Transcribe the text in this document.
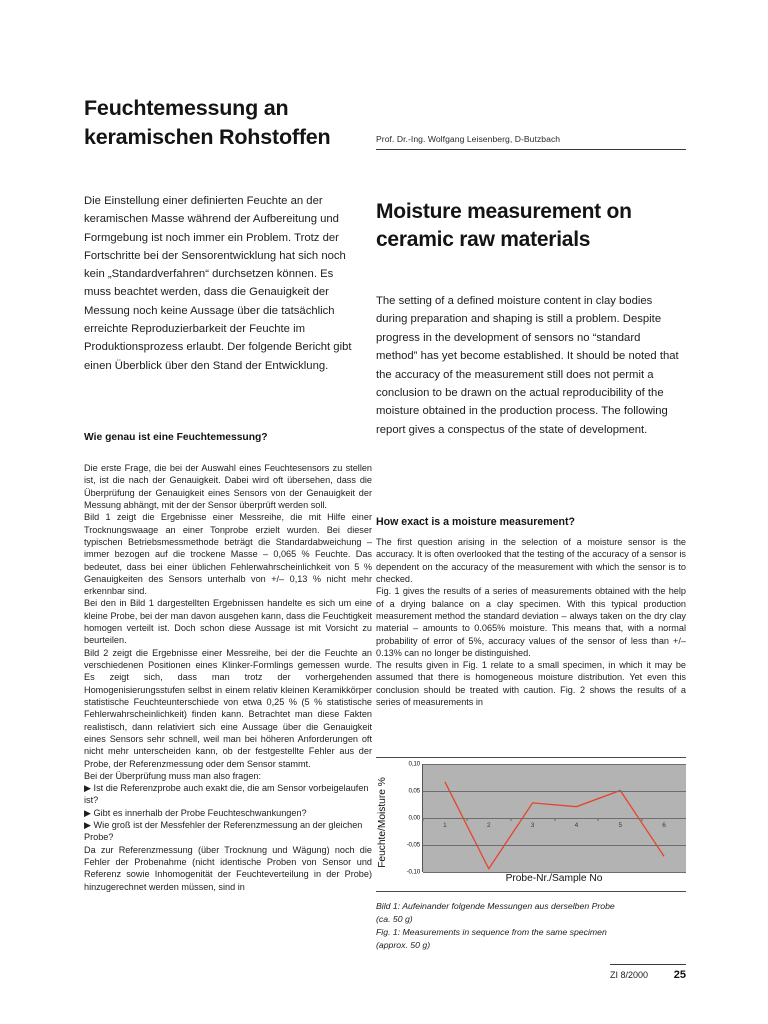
Feuchtemessung an
keramischen Rohstoffen	Prof. Dr.-Ing. Wolfgang Leisenberg, D-Butzbach
Moisture measurement on
ceramic raw materials
Die Einstellung einer definierten Feuchte an der keramischen Masse während der Aufbereitung und Formgebung ist noch immer ein Problem. Trotz der Fortschritte bei der Sensorentwicklung hat sich noch kein „Standardverfahren“ durchsetzen können. Es muss beachtet werden, dass die Genauigkeit der Messung noch keine Aussage über die tatsächlich erreichte Reproduzierbarkeit der Feuchte im Produktionsprozess erlaubt. Der folgende Bericht gibt einen Überblick über den Stand der Entwicklung.
The setting of a defined moisture content in clay bodies during preparation and shaping is still a problem. Despite progress in the development of sensors no “standard method” has yet become established. It should be noted that the accuracy of the measurement still does not permit a conclusion to be drawn on the actual reproducibility of the moisture obtained in the production process. The following report gives a conspectus of the state of development.
Wie genau ist eine Feuchtemessung?

Die erste Frage, die bei der Auswahl eines Feuchtesensors zu stellen ist, ist die nach der Genauigkeit. Dabei wird oft übersehen, dass die Überprüfung der Genauigkeit eines Sensors von der Genauigkeit der Messung abhängt, mit der der Sensor überprüft werden soll.

Bild 1 zeigt die Ergebnisse einer Messreihe, die mit Hilfe einer Trocknungswaage an einer Tonprobe erzielt wurden. Bei dieser typischen Betriebsmessmethode beträgt die Standardabweichung – immer bezogen auf die trockene Masse – 0,065 % Feuchte. Das bedeutet, dass bei einer üblichen Fehlerwahrscheinlichkeit von 5 % Genauigkeiten des Sensors unterhalb von +/– 0,13 % nicht mehr erkennbar sind.

Bei den in Bild 1 dargestellten Ergebnissen handelte es sich um eine kleine Probe, bei der man davon ausgehen kann, dass die Feuchtigkeit homogen verteilt ist. Doch schon diese Aussage ist mit Vorsicht zu beurteilen.

Bild 2 zeigt die Ergebnisse einer Messreihe, bei der die Feuchte an verschiedenen Positionen eines Klinker-Formlings gemessen wurde. Es zeigt sich, dass man trotz der vorhergehenden Homogenisierungsstufen selbst in einem relativ kleinen Keramikkörper statistische Feuchteunterschiede von etwa 0,25 % (5 % statistische Fehlerwahrscheinlichkeit) finden kann. Betrachtet man diese Fakten realistisch, dann relativiert sich eine Aussage über die Genauigkeit eines Sensors sehr schnell, weil man bei höheren Anforderungen oft nicht mehr unterscheiden kann, ob der festgestellte Fehler aus der Probe, der Referenzmessung oder dem Sensor stammt.

Bei der Überprüfung muss man also fragen:

▶ Ist die Referenzprobe auch exakt die, die am Sensor vorbeigelaufen ist?

▶ Gibt es innerhalb der Probe Feuchteschwankungen?

▶ Wie groß ist der Messfehler der Referenzmessung an der gleichen Probe?

Da zur Referenzmessung (über Trocknung und Wägung) noch die Fehler der Probenahme (nicht identische Proben von Sensor und Referenz sowie Inhomogenität der Feuchteverteilung in der Probe) hinzugerechnet werden müssen, sind in

How exact is a moisture measurement?

The first question arising in the selection of a moisture sensor is the accuracy. It is often overlooked that the testing of the accuracy of a sensor is dependent on the accuracy of the measurement with which the sensor is to checked.

Fig. 1 gives the results of a series of measurements obtained with the help of a drying balance on a clay specimen. With this typical production measurement method the standard deviation – always taken on the dry clay material – amounts to 0.065% moisture. This means that, with a normal probability of error of 5%, accuracy values of the sensor of less than +/– 0.13% can no longer be distinguished.

The results given in Fig. 1 relate to a small specimen, in which it may be assumed that there is homogeneous moisture distribution. Yet even this conclusion should be treated with caution. Fig. 2 shows the results of a series of measurements in

Feuchte/Moisture %
0,10
0,05
0,00
-0,05
-0,10
1	2	3	4	5	6
Probe-Nr./Sample No

Bild 1: Aufeinander folgende Messungen aus derselben Probe

(ca. 50 g)

Fig. 1: Measurements in sequence from the same specimen

(approx. 50 g)

ZI 8/2000 25
